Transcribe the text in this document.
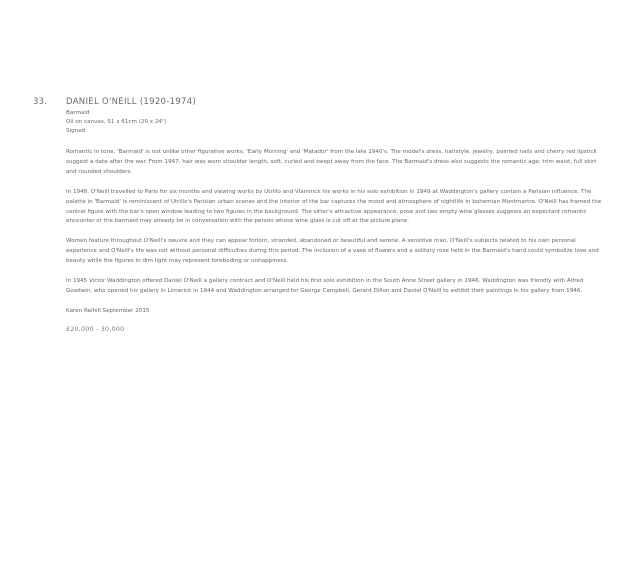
33. DANIEL O'NEILL (1920-1974)
Barmaid
Oil on canvas, 51 x 61cm (20 x 24")
Signed

Romantic in tone, 'Barmaid' is not unlike other figurative works, 'Early Morning' and 'Matador' from the late 1940's. The model's dress, hairstyle, jewelry, painted nails and cherry red lipstick suggest a date after the war. From 1947, hair was worn shoulder length, soft, curled and swept away from the face. The Barmaid's dress also suggests the romantic age; trim waist, full skirt and rounded shoulders.

In 1948, O'Neill travelled to Paris for six months and viewing works by Utrillo and Vlaminck his works in his solo exhibition in 1949 at Waddington's gallery contain a Parisian influence. The palette in 'Barmaid' is reminiscent of Utrillo's Parisian urban scenes and the interior of the bar captures the mood and atmosphere of nightlife in bohemian Montmartre. O'Neill has framed the central figure with the bar's open window leading to two figures in the background. The sitter's attractive appearance, pose and two empty wine glasses suggests an expectant romantic encounter or the barmaid may already be in conversation with the person whose wine glass is cut off at the picture plane.

Women feature throughout O'Neill's oeuvre and they can appear forlorn, stranded, abandoned or beautiful and serene. A sensitive man, O'Neill's subjects related to his own personal experience and O'Neill's life was not without personal difficulties during this period. The inclusion of a vase of flowers and a solitary rose held in the Barmaid's hand could symbolize love and beauty while the figures in dim light may represent foreboding or unhappiness.

In 1945 Victor Waddington offered Daniel O'Neill a gallery contract and O'Neill held his first solo exhibition in the South Anne Street gallery in 1946. Waddington was friendly with Alfred Goodwin, who opened his gallery in Limerick in 1944 and Waddington arranged for George Campbell, Gerard Dillon and Daniel O'Neill to exhibit their paintings in his gallery from 1946.

Karen Reihill September 2015
£20,000 - 30,000
